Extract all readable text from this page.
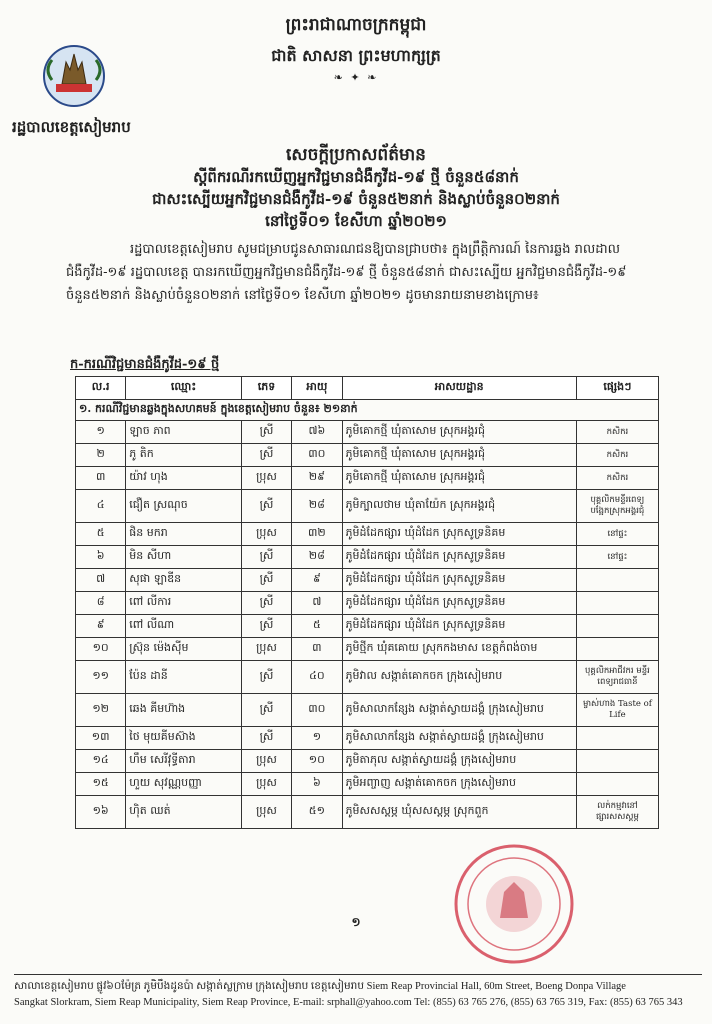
ព្រះរាជាណាចក្រកម្ពុជា
ជាតិ សាសនា ព្រះមហាក្សត្រ
❧ ✦ ❧
រដ្ឋបាលខេត្តសៀមរាប
សេចក្តីប្រកាសព័ត៌មាន
ស្តីពីករណីរកឃើញអ្នកវិជ្ជមានជំងឺកូវីដ-១៩ ថ្មី ចំនួន៥៨នាក់
ជាសះស្បើយអ្នកវិជ្ជមានជំងឺកូវីដ-១៩ ចំនួន៥២នាក់ និងស្លាប់ចំនួន០២នាក់
នៅថ្ងៃទី០១ ខែសីហា ឆ្នាំ២០២១

រដ្ឋបាលខេត្តសៀមរាប សូមជម្រាបជូនសាធារណជនឱ្យបានជ្រាបថា៖ ក្នុងព្រឹត្តិការណ៍ នៃការឆ្លង រាលដាលជំងឺកូវីដ-១៩ រដ្ឋបាលខេត្ត បានរកឃើញអ្នកវិជ្ជមានជំងឺកូវីដ-១៩ ថ្មី ចំនួន៥៨នាក់ ជាសះស្បើយ អ្នកវិជ្ជមានជំងឺកូវីដ-១៩ ចំនួន៥២នាក់ និងស្លាប់ចំនួន០២នាក់ នៅថ្ងៃទី០១ ខែសីហា ឆ្នាំ២០២១ ដូចមានរាយនាមខាងក្រោម៖

ក-ករណីវិជ្ជមានជំងឺកូវីដ-១៩ ថ្មី
ល.រ	ឈ្មោះ	ភេទ	អាយុ	អាសយដ្ឋាន	ផ្សេងៗ
១. ករណីវិជ្ជមានឆ្លងក្នុងសហគមន៍ ក្នុងខេត្តសៀមរាប ចំនួន៖ ២១នាក់					
១	ឡាច ភាព	ស្រី	៧៦	ភូមិគោកថ្មី ឃុំតាសោម ស្រុកអង្គរជុំ	កសិករ
២	ភូ តិក	ស្រី	៣០	ភូមិគោកថ្មី ឃុំតាសោម ស្រុកអង្គរជុំ	កសិករ
៣	យ៉ាវ ហុង	ប្រុស	២៩	ភូមិគោកថ្មី ឃុំតាសោម ស្រុកអង្គរជុំ	កសិករ
៤	ជឿត ស្រណុច	ស្រី	២៨	ភូមិក្បាលថាម ឃុំតាយ៉ែក ស្រុកអង្គរជុំ	បុគ្គលិកមន្ទីរពេទ្យ បង្អែកស្រុកអង្គរជុំ
៥	ផិន មករា	ប្រុស	៣២	ភូមិដំដែកផ្សារ ឃុំដំដែក ស្រុកសូទ្រនិគម	នៅផ្ទះ
៦	មិន សីហា	ស្រី	២៨	ភូមិដំដែកផ្សារ ឃុំដំដែក ស្រុកសូទ្រនិគម	នៅផ្ទះ
៧	សុផា ឡាឌីន	ស្រី	៩	ភូមិដំដែកផ្សារ ឃុំដំដែក ស្រុកសូទ្រនិគម	
៨	ពៅ លីការ	ស្រី	៧	ភូមិដំដែកផ្សារ ឃុំដំដែក ស្រុកសូទ្រនិគម	
៩	ពៅ លីណា	ស្រី	៥	ភូមិដំដែកផ្សារ ឃុំដំដែក ស្រុកសូទ្រនិគម	
១០	ស្រ៊ុន ម៉េងស៊ីម	ប្រុស	៣	ភូមិថ្មីក ឃុំគគោយ ស្រុកកងមាស ខេត្តកំពង់ចាម	
១១	ប៉ែន ដានី	ស្រី	៤០	ភូមិវាល សង្កាត់គោកចក ក្រុងសៀមរាប	បុគ្គលិកអាជីវករ មន្ទីរពេទ្យរាជធានី
១២	ឆេង គីមហ៊ាង	ស្រី	៣០	ភូមិសាលាកន្សែង សង្កាត់ស្វាយដង្គំ ក្រុងសៀមរាប	ម្ចាស់ហាង Taste of Life
១៣	ថៃ មុយគីមស៊ាង	ស្រី	១	ភូមិសាលាកន្សែង សង្កាត់ស្វាយដង្គំ ក្រុងសៀមរាប	
១៤	ហឹម សេរីវុទ្ធីតារា	ប្រុស	១០	ភូមិតាភុល សង្កាត់ស្វាយដង្គំ ក្រុងសៀមរាប	
១៥	ហួយ សុវណ្ណបញ្ញា	ប្រុស	៦	ភូមិអញ្ចាញ សង្កាត់គោកចក ក្រុងសៀមរាប	
១៦	ហ៊ិត ឈត់	ប្រុស	៥១	ភូមិសសស្តម្ភ ឃុំសសស្តម្ភ ស្រុកពួក	លក់កម្មវានៅ ផ្សារសសស្តម្ភ
១
សាលាខេត្តសៀមរាប ផ្លូវ៦០ម៉ែត្រ ភូមិបឹងដូនប៉ា សង្កាត់ស្លក្រាម ក្រុងសៀមរាប ខេត្តសៀមរាប Siem Reap Provincial Hall, 60m Street, Boeng Donpa Village
Sangkat Slorkram, Siem Reap Municipality, Siem Reap Province, E-mail: srphall@yahoo.com Tel: (855) 63 765 276, (855) 63 765 319, Fax: (855) 63 765 343
